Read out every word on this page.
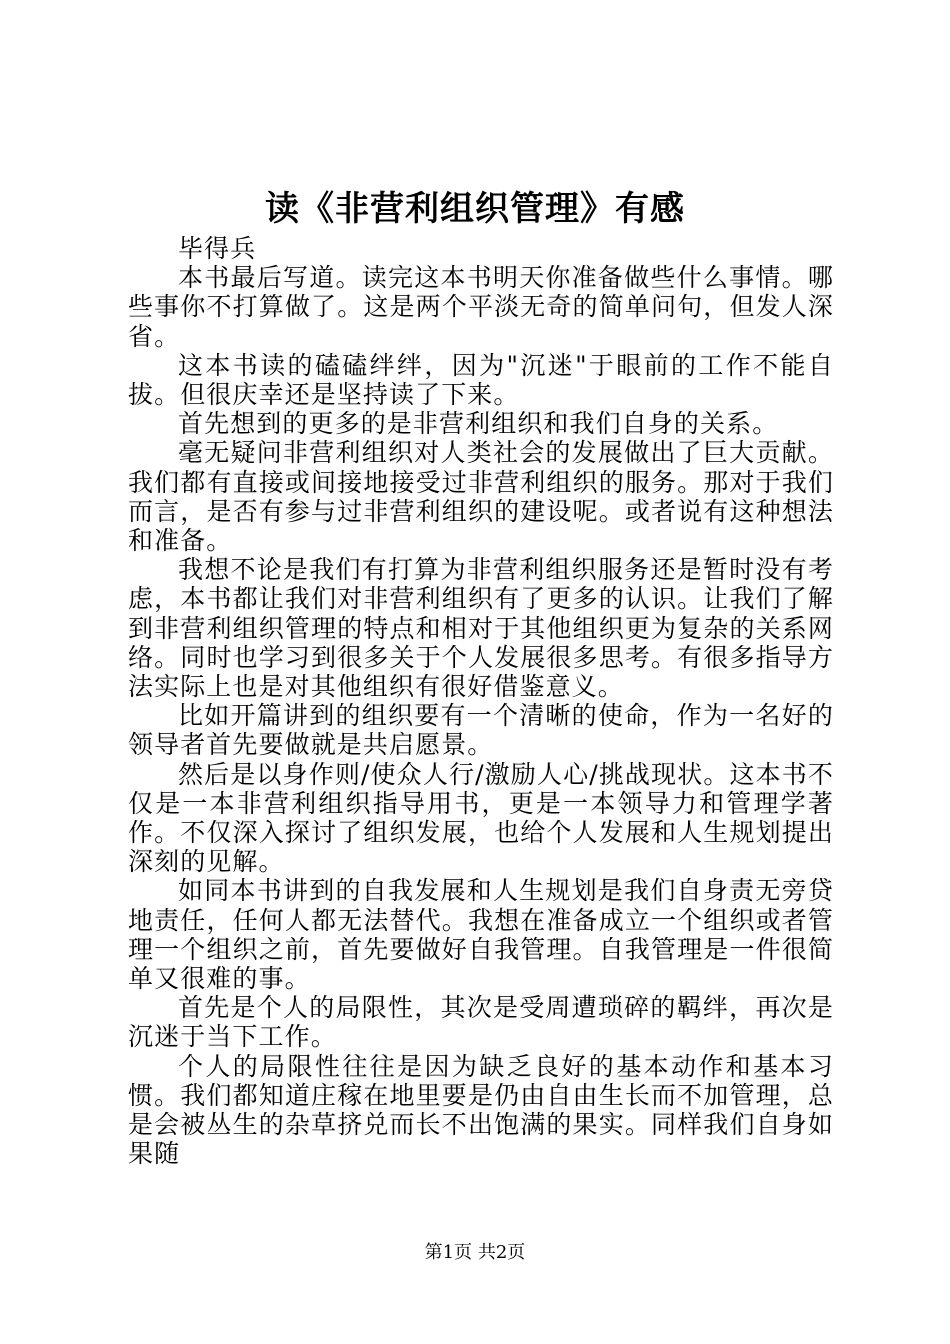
读《非营利组织管理》有感

毕得兵

本书最后写道。读完这本书明天你准备做些什么事情。哪些事你不打算做了。这是两个平淡无奇的简单问句，但发人深省。

这本书读的磕磕绊绊，因为"沉迷"于眼前的工作不能自拔。但很庆幸还是坚持读了下来。

首先想到的更多的是非营利组织和我们自身的关系。

毫无疑问非营利组织对人类社会的发展做出了巨大贡献。我们都有直接或间接地接受过非营利组织的服务。那对于我们而言，是否有参与过非营利组织的建设呢。或者说有这种想法和准备。

我想不论是我们有打算为非营利组织服务还是暂时没有考虑，本书都让我们对非营利组织有了更多的认识。让我们了解到非营利组织管理的特点和相对于其他组织更为复杂的关系网络。同时也学习到很多关于个人发展很多思考。有很多指导方法实际上也是对其他组织有很好借鉴意义。

比如开篇讲到的组织要有一个清晰的使命，作为一名好的领导者首先要做就是共启愿景。

然后是以身作则/使众人行/激励人心/挑战现状。这本书不仅是一本非营利组织指导用书，更是一本领导力和管理学著作。不仅深入探讨了组织发展，也给个人发展和人生规划提出深刻的见解。

如同本书讲到的自我发展和人生规划是我们自身责无旁贷地责任，任何人都无法替代。我想在准备成立一个组织或者管理一个组织之前，首先要做好自我管理。自我管理是一件很简单又很难的事。

首先是个人的局限性，其次是受周遭琐碎的羁绊，再次是沉迷于当下工作。

个人的局限性往往是因为缺乏良好的基本动作和基本习惯。我们都知道庄稼在地里要是仍由自由生长而不加管理，总是会被丛生的杂草挤兑而长不出饱满的果实。同样我们自身如果随

第1页 共2页
